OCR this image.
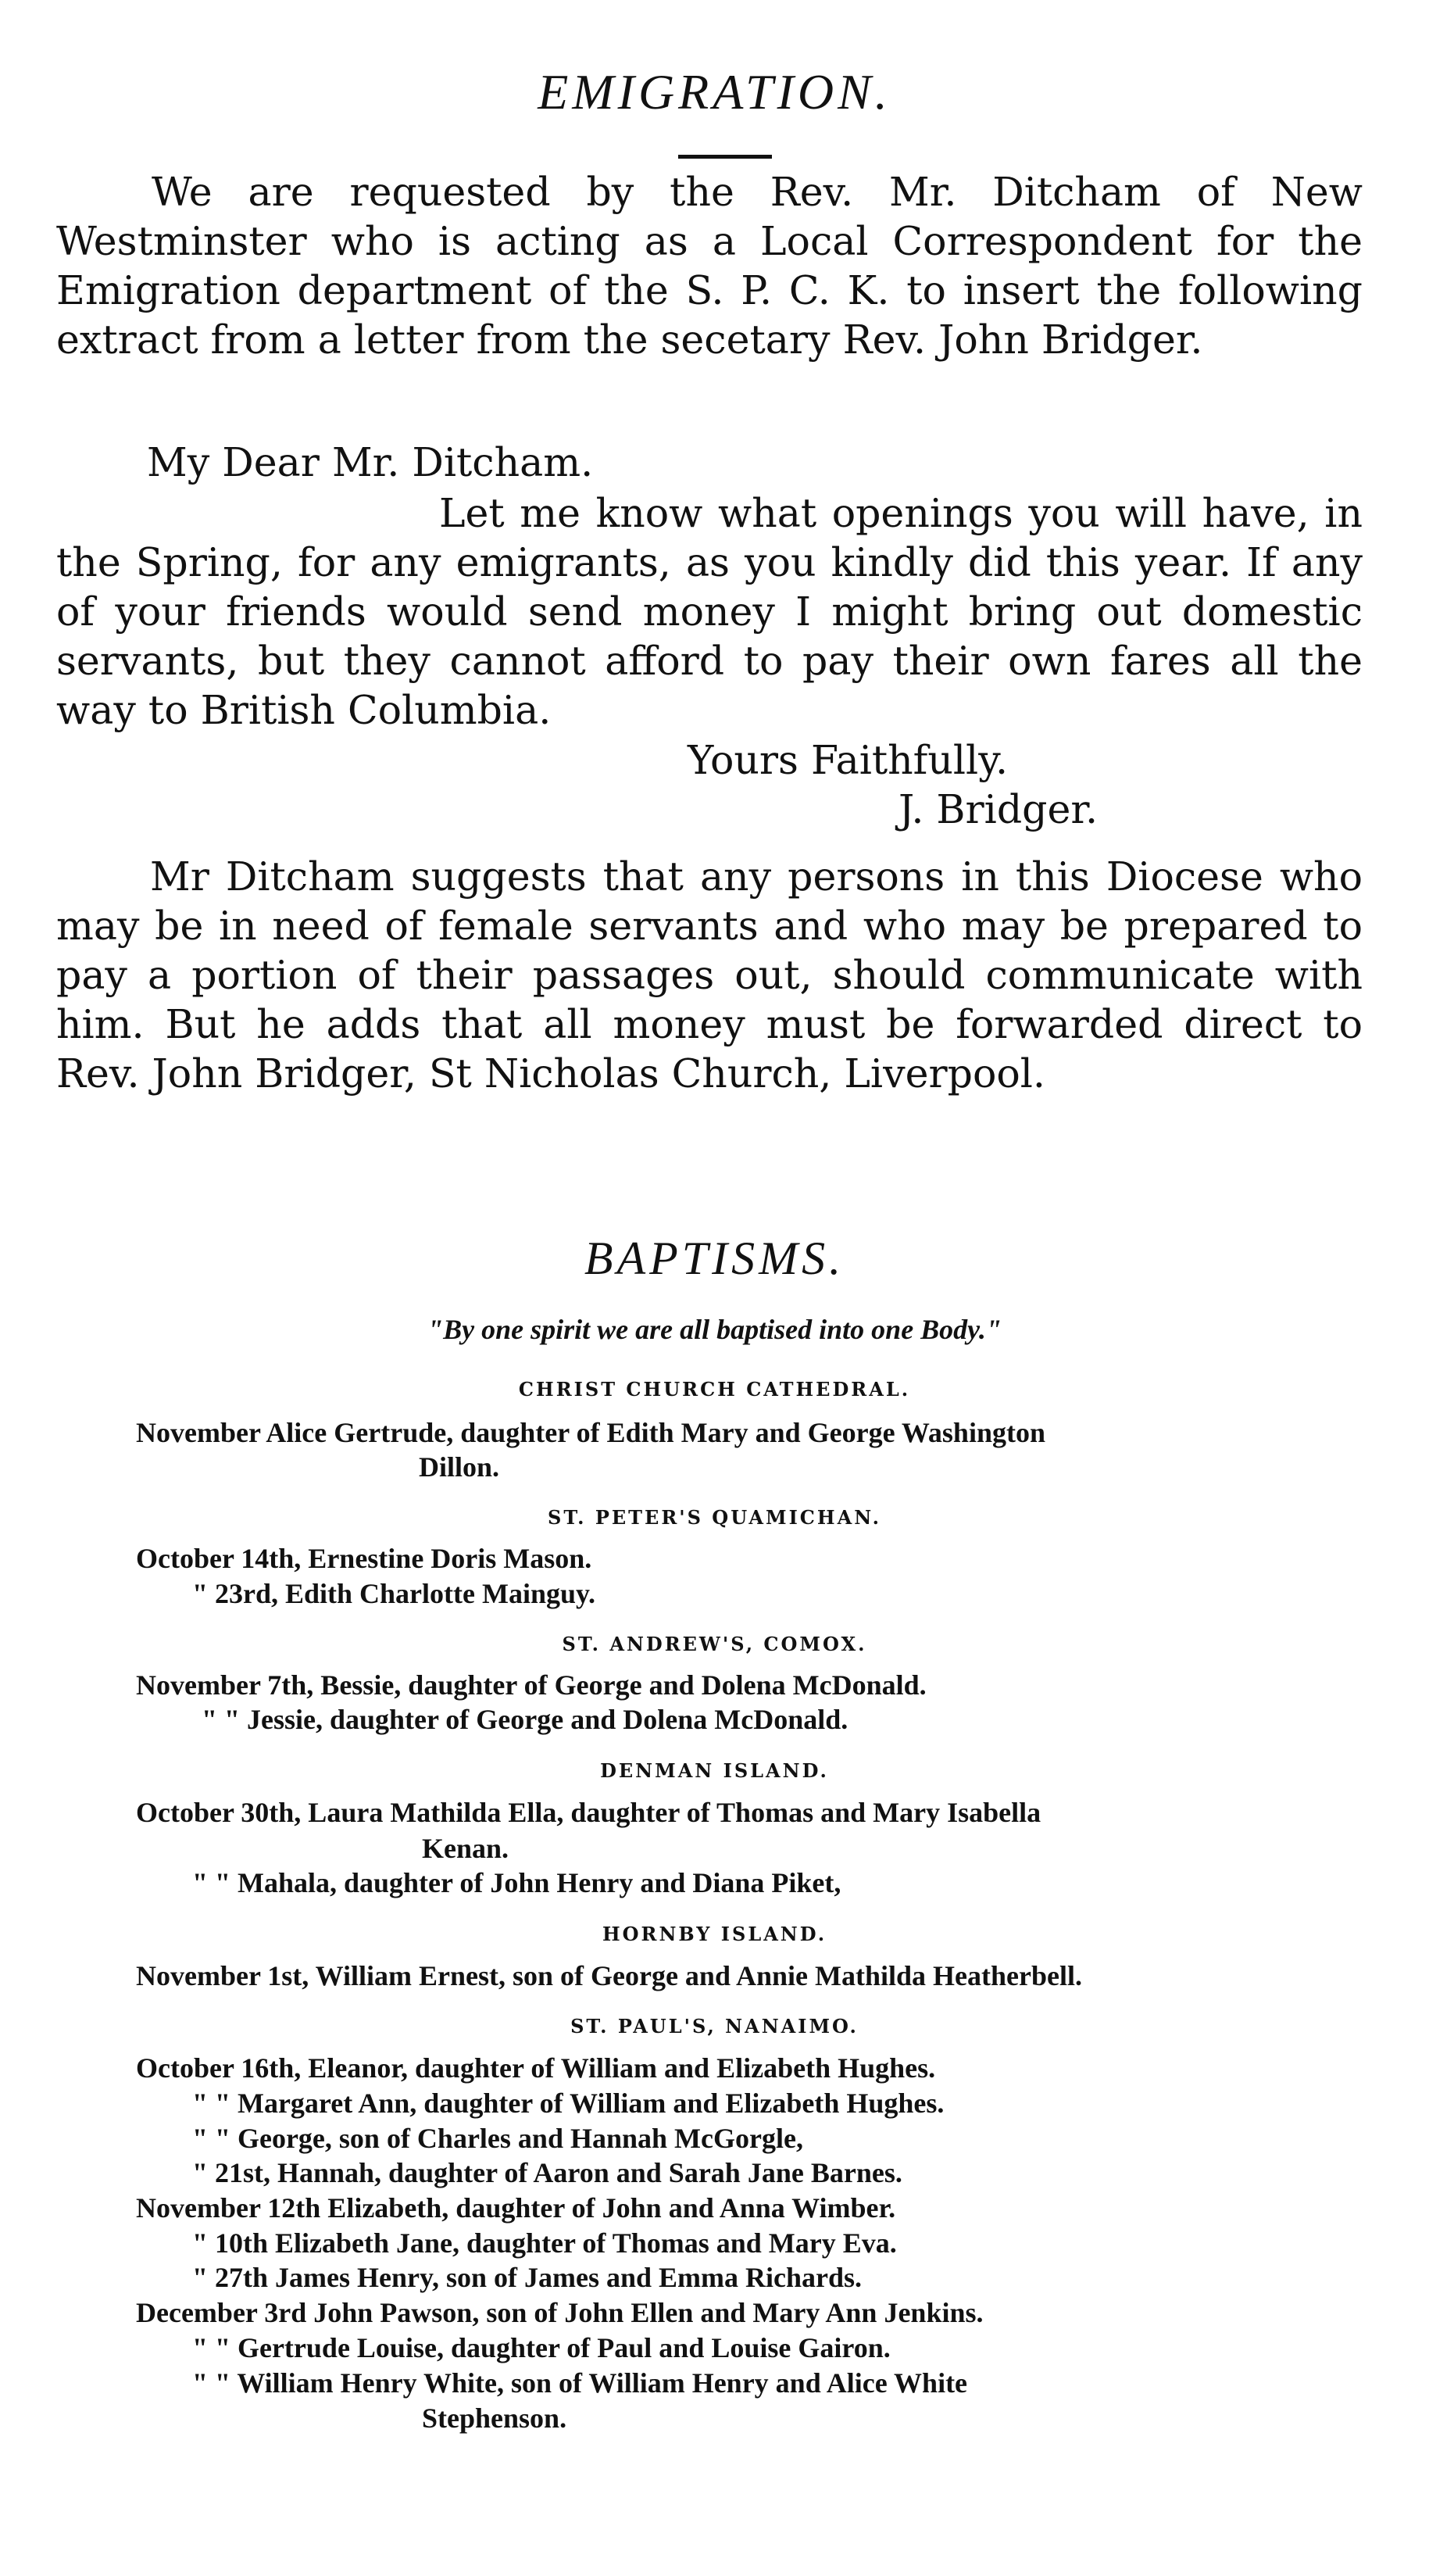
EMIGRATION.
We are requested by the Rev. Mr. Ditcham of New Westminster who is acting as a Local Correspondent for the Emigration department of the S. P. C. K. to insert the following extract from a letter from the secetary Rev. John Bridger.
My Dear Mr. Ditcham.
Let me know what openings you will have, in the Spring, for any emigrants, as you kindly did this year. If any of your friends would send money I might bring out domestic servants, but they cannot afford to pay their own fares all the way to British Columbia.
Yours Faithfully.
J. Bridger.
Mr Ditcham suggests that any persons in this Diocese who may be in need of female servants and who may be prepared to pay a portion of their passages out, should communicate with him. But he adds that all money must be forwarded direct to Rev. John Bridger, St Nicholas Church, Liverpool.
BAPTISMS.
"By one spirit we are all baptised into one Body."
CHRIST CHURCH CATHEDRAL.
November Alice Gertrude, daughter of Edith Mary and George Washington
Dillon.
ST. PETER'S QUAMICHAN.
October 14th, Ernestine Doris Mason.
" 23rd, Edith Charlotte Mainguy.
ST. ANDREW'S, COMOX.
November 7th, Bessie, daughter of George and Dolena McDonald.
" " Jessie, daughter of George and Dolena McDonald.
DENMAN ISLAND.
October 30th, Laura Mathilda Ella, daughter of Thomas and Mary Isabella
Kenan.
" " Mahala, daughter of John Henry and Diana Piket,
HORNBY ISLAND.
November 1st, William Ernest, son of George and Annie Mathilda Heatherbell.
ST. PAUL'S, NANAIMO.
October 16th, Eleanor, daughter of William and Elizabeth Hughes.
" " Margaret Ann, daughter of William and Elizabeth Hughes.
" " George, son of Charles and Hannah McGorgle,
" 21st, Hannah, daughter of Aaron and Sarah Jane Barnes.
November 12th Elizabeth, daughter of John and Anna Wimber.
" 10th Elizabeth Jane, daughter of Thomas and Mary Eva.
" 27th James Henry, son of James and Emma Richards.
December 3rd John Pawson, son of John Ellen and Mary Ann Jenkins.
" " Gertrude Louise, daughter of Paul and Louise Gairon.
" " William Henry White, son of William Henry and Alice White
Stephenson.
